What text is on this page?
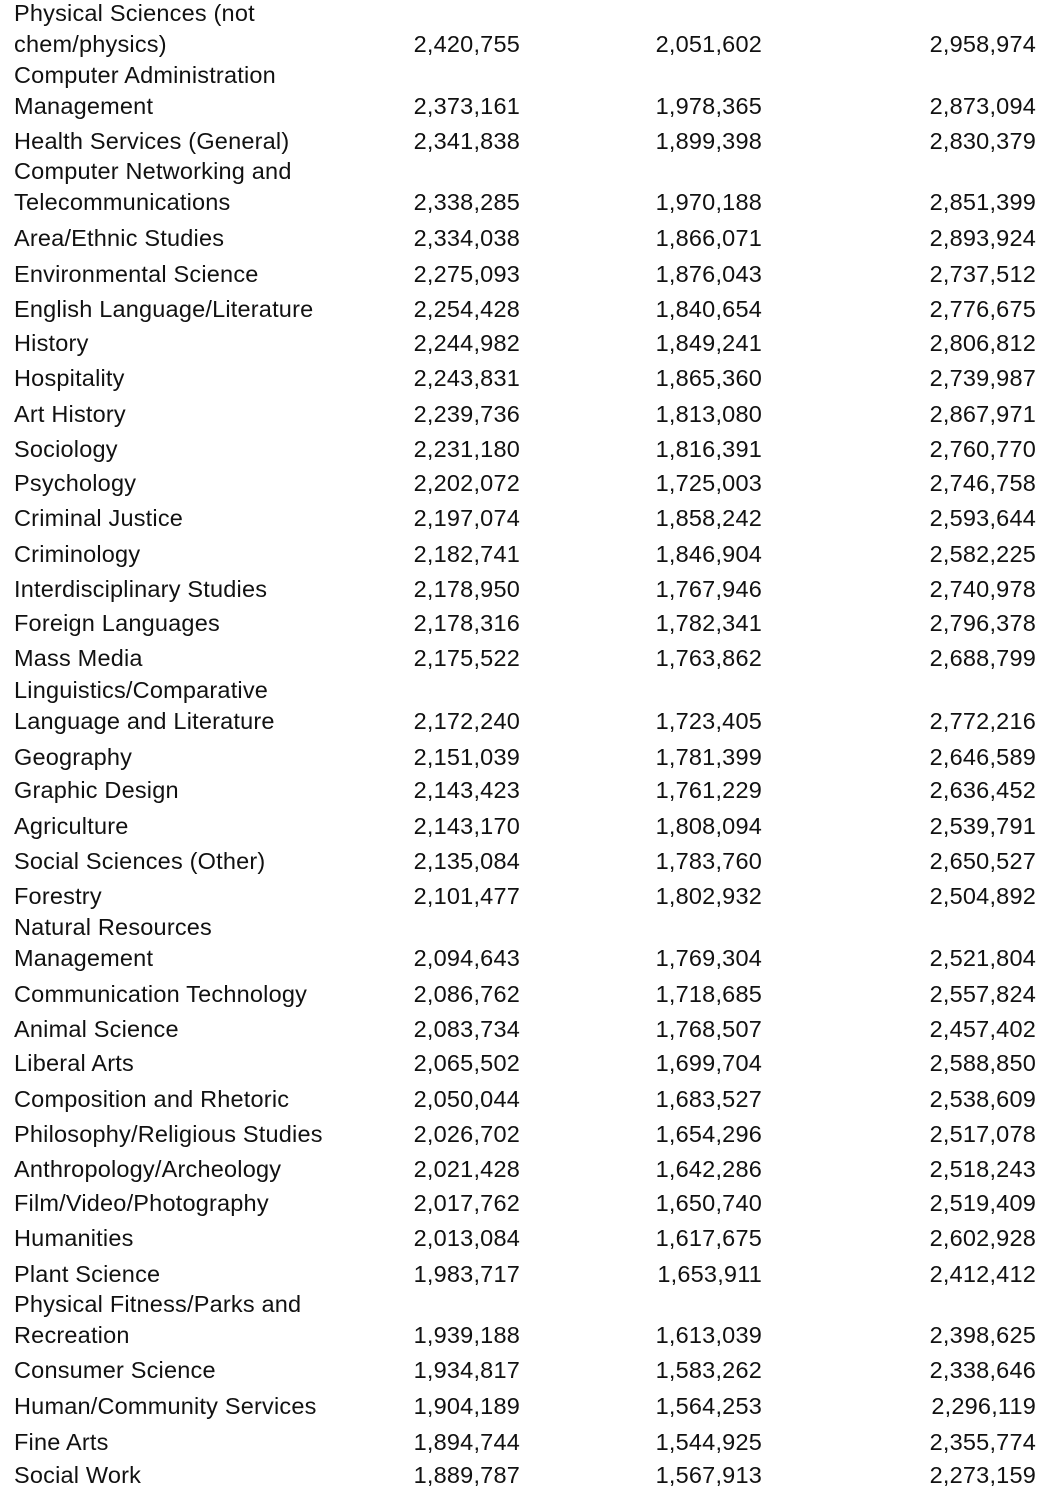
Physical Sciences (not
chem/physics)	2,420,755	2,051,602	2,958,974
Computer Administration
Management	2,373,161	1,978,365	2,873,094
Health Services (General)	2,341,838	1,899,398	2,830,379
Computer Networking and
Telecommunications	2,338,285	1,970,188	2,851,399
Area/Ethnic Studies	2,334,038	1,866,071	2,893,924
Environmental Science	2,275,093	1,876,043	2,737,512
English Language/Literature	2,254,428	1,840,654	2,776,675
History	2,244,982	1,849,241	2,806,812
Hospitality	2,243,831	1,865,360	2,739,987
Art History	2,239,736	1,813,080	2,867,971
Sociology	2,231,180	1,816,391	2,760,770
Psychology	2,202,072	1,725,003	2,746,758
Criminal Justice	2,197,074	1,858,242	2,593,644
Criminology	2,182,741	1,846,904	2,582,225
Interdisciplinary Studies	2,178,950	1,767,946	2,740,978
Foreign Languages	2,178,316	1,782,341	2,796,378
Mass Media	2,175,522	1,763,862	2,688,799
Linguistics/Comparative
Language and Literature	2,172,240	1,723,405	2,772,216
Geography	2,151,039	1,781,399	2,646,589
Graphic Design	2,143,423	1,761,229	2,636,452
Agriculture	2,143,170	1,808,094	2,539,791
Social Sciences (Other)	2,135,084	1,783,760	2,650,527
Forestry	2,101,477	1,802,932	2,504,892
Natural Resources
Management	2,094,643	1,769,304	2,521,804
Communication Technology	2,086,762	1,718,685	2,557,824
Animal Science	2,083,734	1,768,507	2,457,402
Liberal Arts	2,065,502	1,699,704	2,588,850
Composition and Rhetoric	2,050,044	1,683,527	2,538,609
Philosophy/Religious Studies	2,026,702	1,654,296	2,517,078
Anthropology/Archeology	2,021,428	1,642,286	2,518,243
Film/Video/Photography	2,017,762	1,650,740	2,519,409
Humanities	2,013,084	1,617,675	2,602,928
Plant Science	1,983,717	1,653,911	2,412,412
Physical Fitness/Parks and
Recreation	1,939,188	1,613,039	2,398,625
Consumer Science	1,934,817	1,583,262	2,338,646
Human/Community Services	1,904,189	1,564,253	2,296,119
Fine Arts	1,894,744	1,544,925	2,355,774
Social Work	1,889,787	1,567,913	2,273,159
